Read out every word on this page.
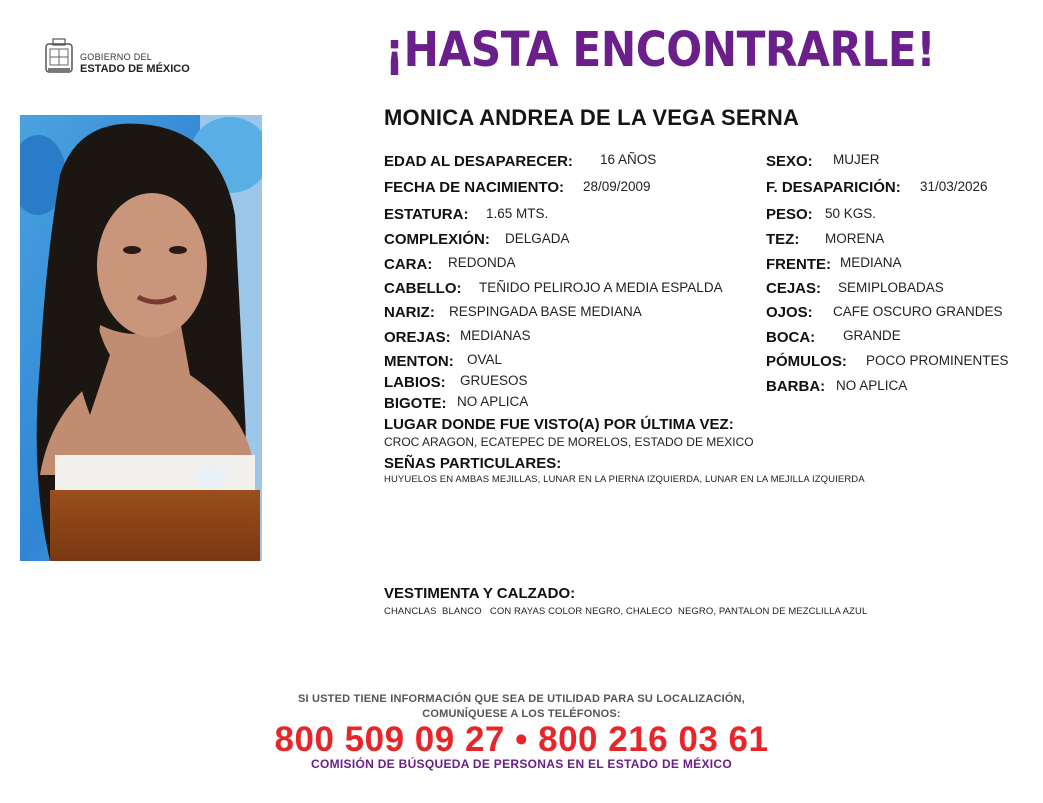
GOBIERNO DEL
ESTADO DE MÉXICO	¡HASTA ENCONTRARLE!
MONICA ANDREA DE LA VEGA SERNA
EDAD AL DESAPARECER: 16 AÑOS
FECHA DE NACIMIENTO: 28/09/2009
ESTATURA: 1.65 MTS.
COMPLEXIÓN: DELGADA
CARA: REDONDA
CABELLO: TEÑIDO PELIROJO A MEDIA ESPALDA
NARIZ: RESPINGADA BASE MEDIANA
OREJAS: MEDIANAS
MENTON: OVAL
LABIOS: GRUESOS
BIGOTE: NO APLICA
SEXO: MUJER
F. DESAPARICIÓN: 31/03/2026
PESO: 50 KGS.
TEZ: MORENA
FRENTE: MEDIANA
CEJAS: SEMIPLOBADAS
OJOS: CAFE OSCURO GRANDES
BOCA: GRANDE
PÓMULOS: POCO PROMINENTES
BARBA: NO APLICA
LUGAR DONDE FUE VISTO(A) POR ÚLTIMA VEZ:
CROC ARAGON, ECATEPEC DE MORELOS, ESTADO DE MEXICO
SEÑAS PARTICULARES:
HUYUELOS EN AMBAS MEJILLAS, LUNAR EN LA PIERNA IZQUIERDA, LUNAR EN LA MEJILLA IZQUIERDA
VESTIMENTA Y CALZADO:
CHANCLAS  BLANCO   CON RAYAS COLOR NEGRO, CHALECO  NEGRO, PANTALON DE MEZCLILLA AZUL
SI USTED TIENE INFORMACIÓN QUE SEA DE UTILIDAD PARA SU LOCALIZACIÓN,
COMUNÍQUESE A LOS TELÉFONOS:
800 509 09 27 • 800 216 03 61
COMISIÓN DE BÚSQUEDA DE PERSONAS EN EL ESTADO DE MÉXICO
